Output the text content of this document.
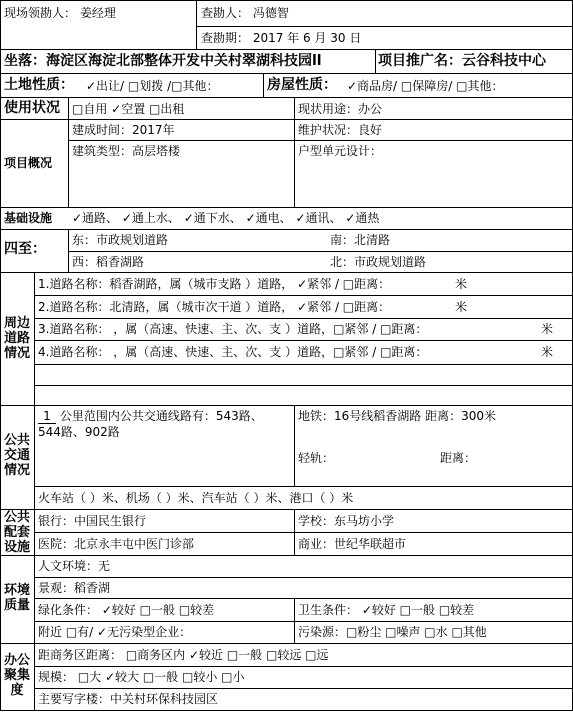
现场领勘人： 姜经理	查勘人： 冯德智
查勘期： 2017 年 6 月 30 日
坐落：海淀区海淀北部整体开发中关村翠湖科技园ll	项目推广名：云谷科技中心
土地性质： ✓出让/ □划拨 /□其他：	房屋性质： ✓商品房/ □保障房/ □其他：
使用状况 □自用 ✓空置 □出租	现状用途：办公
项目概况
建成时间：2017年	维护状况：良好
建筑类型：高层塔楼	户型单元设计：
基础设施 ✓通路、 ✓通上水、 ✓通下水、 ✓通电、 ✓通讯、 ✓通热
四至：
东：市政规划道路	南：北清路
西：稻香湖路	北：市政规划道路
周边
道路
情况
1.道路名称：稻香湖路，属（城市支路 ）道路， ✓紧邻 / □距离：	米
2.道路名称：北清路，属（城市次干道 ）道路， ✓紧邻 / □距离：	米
3.道路名称： ，属（高速、快速、主、次、支 ）道路，□紧邻 / □距离：	米
4.道路名称： ，属（高速、快速、主、次、支 ）道路，□紧邻 / □距离：	米
公共
交通
情况
1 公里范围内公共交通线路有：543路、
544路、902路
地铁：16号线稻香湖路 距离：300米
轻轨：	距离：
火车站（ ）米、机场（ ）米、汽车站（ ）米、港口（ ）米
公共
配套
设施
银行：中国民生银行	学校：东马坊小学
医院：北京永丰屯中医门诊部	商业：世纪华联超市
环境
质量
人文环境：无
景观：稻香湖
绿化条件： ✓较好 □一般 □较差	卫生条件： ✓较好 □一般 □较差
附近 □有/ ✓无污染型企业：	污染源：□粉尘 □噪声 □水 □其他
办公
聚集
度
距商务区距离： □商务区内 ✓较近 □一般 □较远 □远
规模： □大 ✓较大 □一般 □较小 □小
主要写字楼：中关村环保科技园区
